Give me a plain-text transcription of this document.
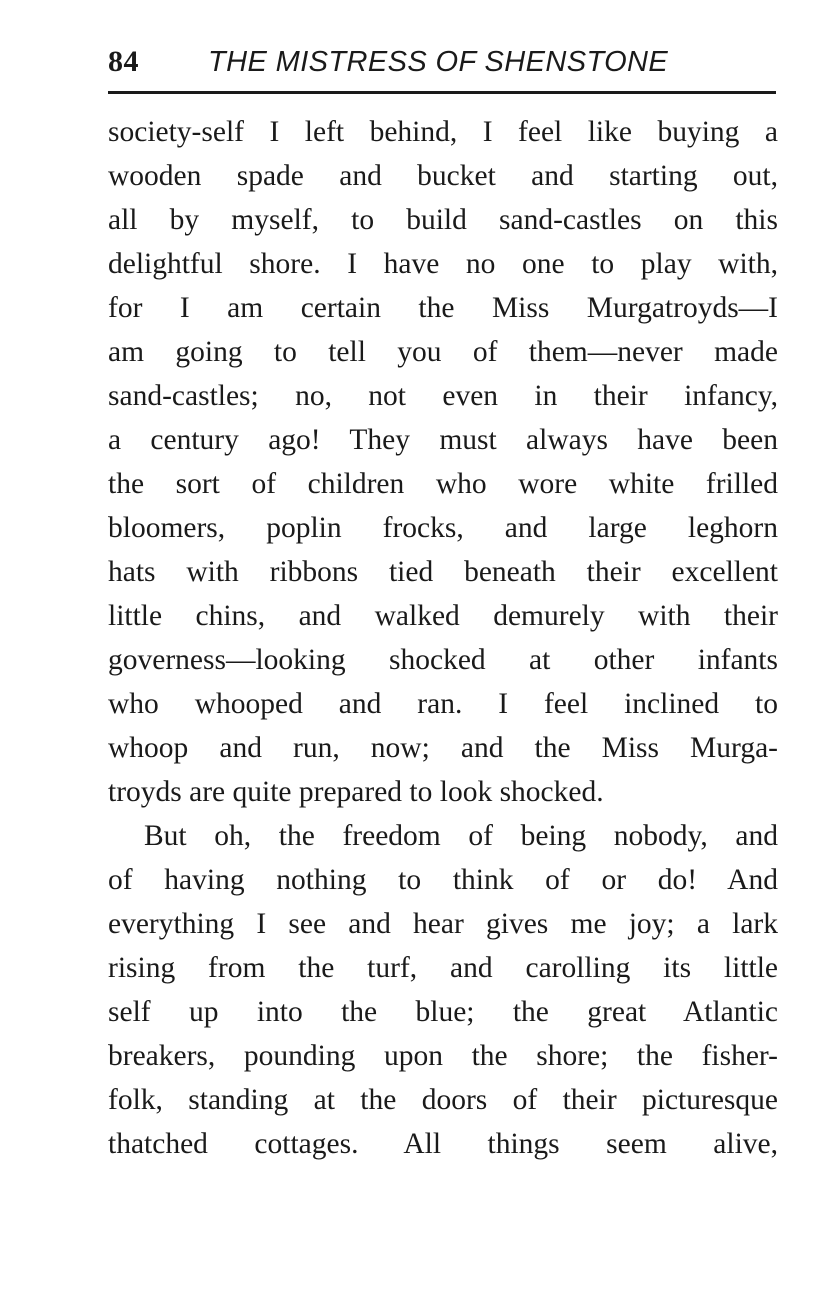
84 THE MISTRESS OF SHENSTONE
society-self I left behind, I feel like buying a
wooden spade and bucket and starting out,
all by myself, to build sand-castles on this
delightful shore. I have no one to play with,
for I am certain the Miss Murgatroyds—I
am going to tell you of them—never made
sand-castles; no, not even in their infancy,
a century ago! They must always have been
the sort of children who wore white frilled
bloomers, poplin frocks, and large leghorn
hats with ribbons tied beneath their excellent
little chins, and walked demurely with their
governess—looking shocked at other infants
who whooped and ran. I feel inclined to
whoop and run, now; and the Miss Murga-
troyds are quite prepared to look shocked.
But oh, the freedom of being nobody, and
of having nothing to think of or do! And
everything I see and hear gives me joy; a lark
rising from the turf, and carolling its little
self up into the blue; the great Atlantic
breakers, pounding upon the shore; the fisher-
folk, standing at the doors of their picturesque
thatched cottages. All things seem alive,
